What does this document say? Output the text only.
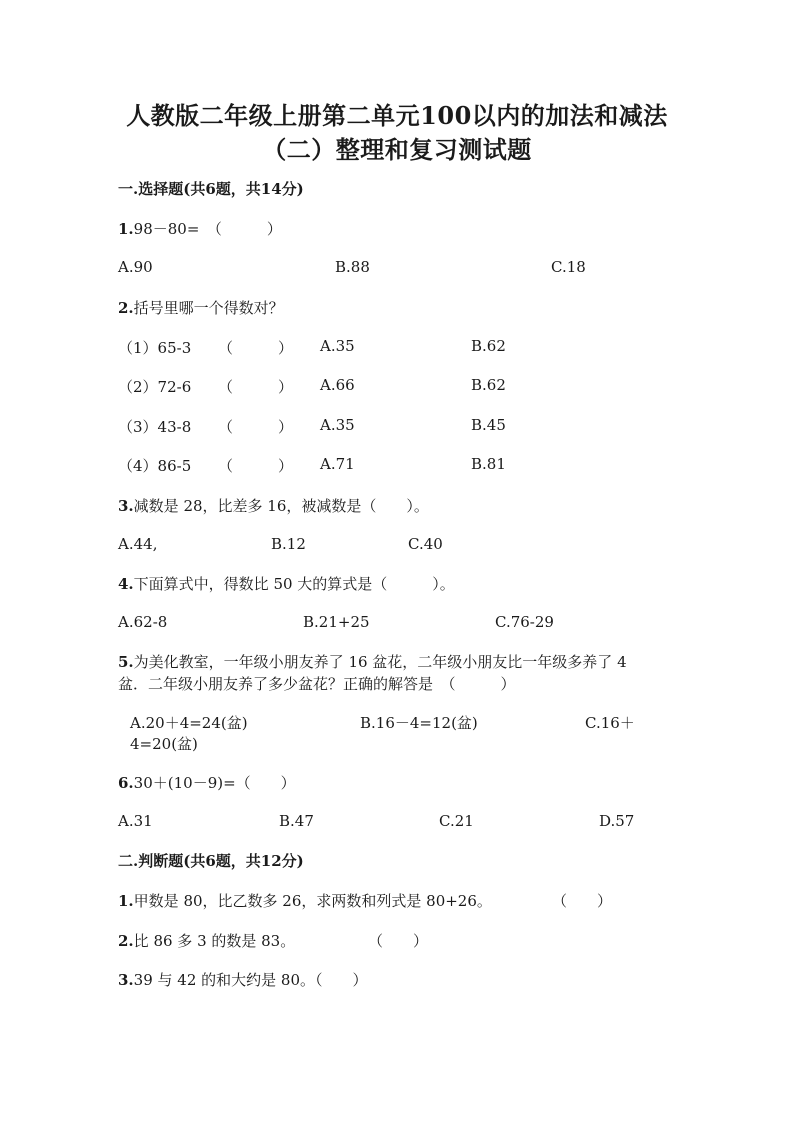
人教版二年级上册第二单元100以内的加法和减法
（二）整理和复习测试题
一.选择题(共6题，共14分)
1.98－80=　（　　　）
A.90	B.88	C.18
2.括号里哪一个得数对？
（1）65-3 （　　　） A.35	B.62
（2）72-6 （　　　） A.66	B.62
（3）43-8 （　　　） A.35	B.45
（4）86-5 （　　　） A.71	B.81
3.减数是 28，比差多 16，被减数是（　　）。
A.44,	B.12	C.40
4.下面算式中，得数比 50 大的算式是（　　　）。
A.62-8	B.21+25	C.76-29
5.为美化教室，一年级小朋友养了 16 盆花，二年级小朋友比一年级多养了 4
盆．二年级小朋友养了多少盆花？正确的解答是　（　　　）
A.20＋4=24(盆)	B.16－4=12(盆)	C.16＋
4=20(盆)
6.30＋(10－9)=（　　）
A.31	B.47	C.21	D.57
二.判断题(共6题，共12分)
1.甲数是 80，比乙数多 26，求两数和列式是 80+26。	（　　）
2.比 86 多 3 的数是 83。	（　　）
3.39 与 42 的和大约是 80。（　　）
